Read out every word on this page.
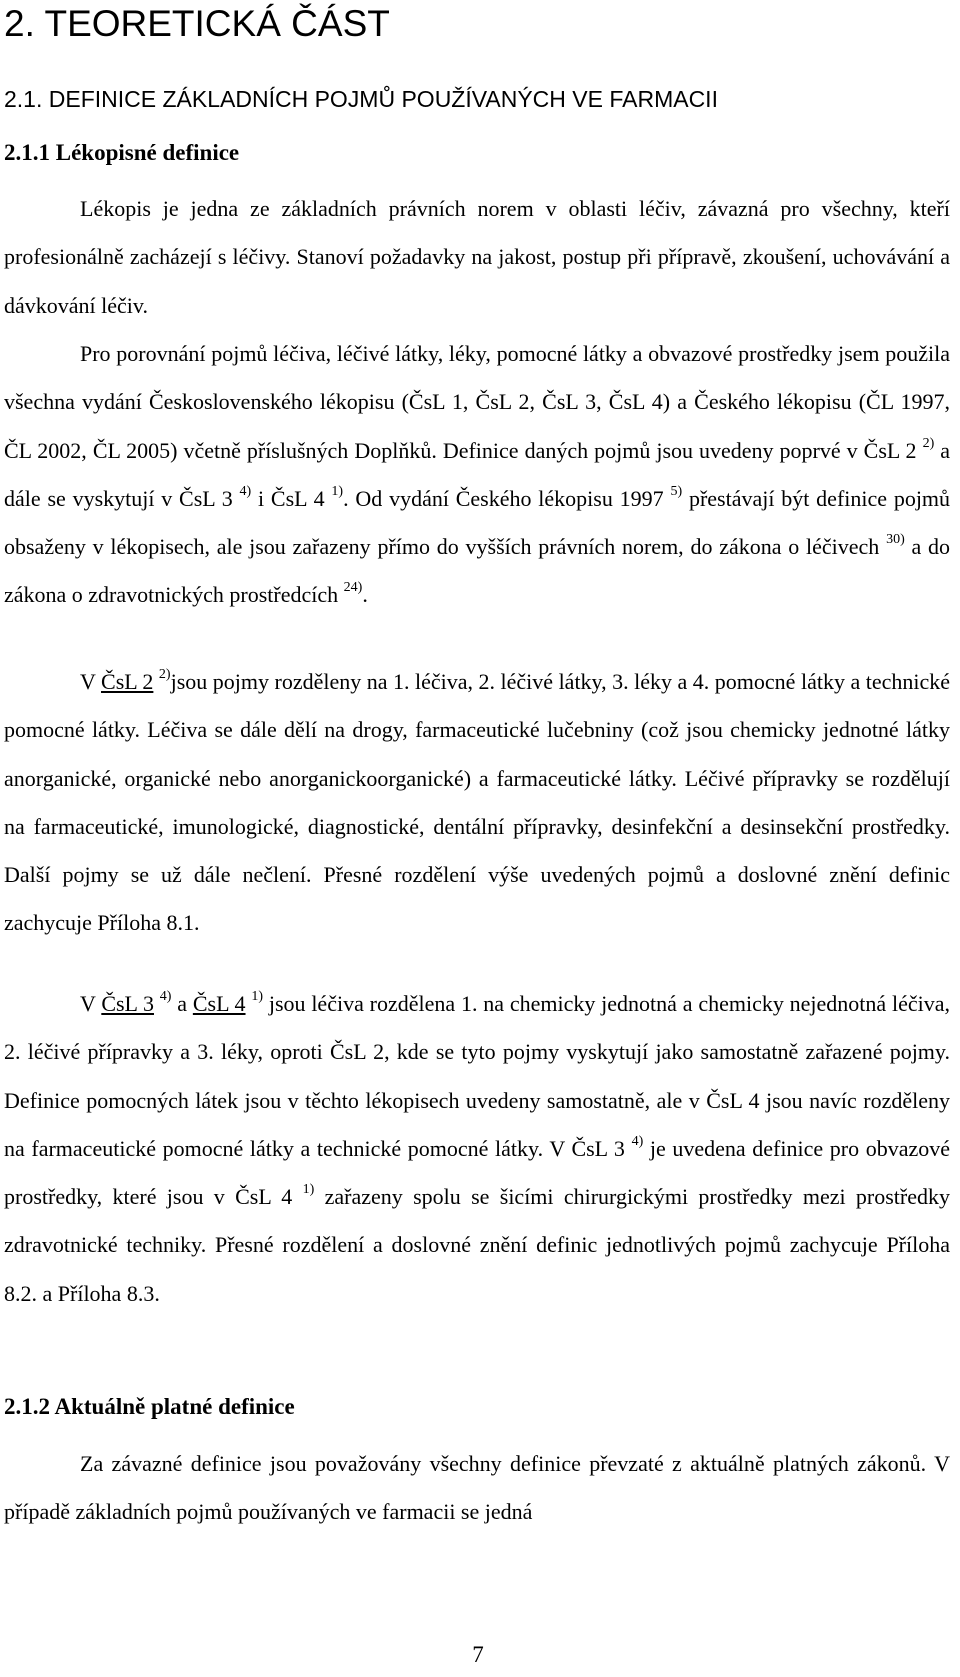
2. TEORETICKÁ ČÁST
2.1. DEFINICE ZÁKLADNÍCH POJMŮ POUŽÍVANÝCH VE FARMACII
2.1.1 Lékopisné definice

Lékopis je jedna ze základních právních norem v oblasti léčiv, závazná pro všechny, kteří profesionálně zacházejí s léčivy. Stanoví požadavky na jakost, postup při přípravě, zkoušení, uchovávání a dávkování léčiv.

Pro porovnání pojmů léčiva, léčivé látky, léky, pomocné látky a obvazové prostředky jsem použila všechna vydání Československého lékopisu (ČsL 1, ČsL 2, ČsL 3, ČsL 4) a Českého lékopisu (ČL 1997, ČL 2002, ČL 2005) včetně příslušných Doplňků. Definice daných pojmů jsou uvedeny poprvé v ČsL 2 $^{2)}$ a dále se vyskytují v ČsL 3 $^{4)}$ i ČsL 4 $^{1)}$. Od vydání Českého lékopisu 1997 $^{5)}$ přestávají být definice pojmů obsaženy v lékopisech, ale jsou zařazeny přímo do vyšších právních norem, do zákona o léčivech $^{30)}$ a do zákona o zdravotnických prostředcích $^{24)}$.

V ČsL 2 $^{2)}$jsou pojmy rozděleny na 1. léčiva, 2. léčivé látky, 3. léky a 4. pomocné látky a technické pomocné látky. Léčiva se dále dělí na drogy, farmaceutické lučebniny (což jsou chemicky jednotné látky anorganické, organické nebo anorganickoorganické) a farmaceutické látky. Léčivé přípravky se rozdělují na farmaceutické, imunologické, diagnostické, dentální přípravky, desinfekční a desinsekční prostředky. Další pojmy se už dále nečlení. Přesné rozdělení výše uvedených pojmů a doslovné znění definic zachycuje Příloha 8.1.

V ČsL 3 $^{4)}$ a ČsL 4 $^{1)}$ jsou léčiva rozdělena 1. na chemicky jednotná a chemicky nejednotná léčiva, 2. léčivé přípravky a 3. léky, oproti ČsL 2, kde se tyto pojmy vyskytují jako samostatně zařazené pojmy. Definice pomocných látek jsou v těchto lékopisech uvedeny samostatně, ale v ČsL 4 jsou navíc rozděleny na farmaceutické pomocné látky a technické pomocné látky. V ČsL 3 $^{4)}$ je uvedena definice pro obvazové prostředky, které jsou v ČsL 4 $^{1)}$ zařazeny spolu se šicími chirurgickými prostředky mezi prostředky zdravotnické techniky. Přesné rozdělení a doslovné znění definic jednotlivých pojmů zachycuje Příloha 8.2. a Příloha 8.3.

2.1.2 Aktuálně platné definice

Za závazné definice jsou považovány všechny definice převzaté z aktuálně platných zákonů. V případě základních pojmů používaných ve farmacii se jedná

7
